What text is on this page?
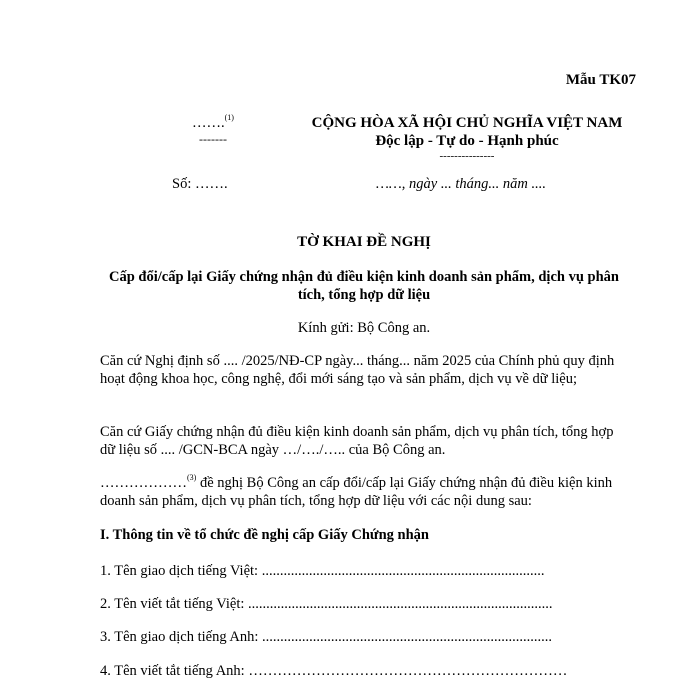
Mẫu TK07
…….$^{(1)}$
-------
CỘNG HÒA XÃ HỘI CHỦ NGHĨA VIỆT NAM
Độc lập - Tự do - Hạnh phúc
---------------
Số: …….	……, ngày ... tháng... năm ....
TỜ KHAI ĐỀ NGHỊ
Cấp đổi/cấp lại Giấy chứng nhận đủ điều kiện kinh doanh sản phẩm, dịch vụ phân tích, tổng hợp dữ liệu
Kính gửi: Bộ Công an.
Căn cứ Nghị định số .... /2025/NĐ-CP ngày... tháng... năm 2025 của Chính phủ quy định hoạt động khoa học, công nghệ, đổi mới sáng tạo và sản phẩm, dịch vụ về dữ liệu;
Căn cứ Giấy chứng nhận đủ điều kiện kinh doanh sản phẩm, dịch vụ phân tích, tổng hợp dữ liệu số .... /GCN-BCA ngày …/…./….. của Bộ Công an.
………………$^{(3)}$ đề nghị Bộ Công an cấp đổi/cấp lại Giấy chứng nhận đủ điều kiện kinh doanh sản phẩm, dịch vụ phân tích, tổng hợp dữ liệu với các nội dung sau:
I. Thông tin về tổ chức đề nghị cấp Giấy Chứng nhận
1. Tên giao dịch tiếng Việt: ..............................................................................
2. Tên viết tắt tiếng Việt: ....................................................................................
3. Tên giao dịch tiếng Anh: ................................................................................
4. Tên viết tắt tiếng Anh: …………………………………………………………
